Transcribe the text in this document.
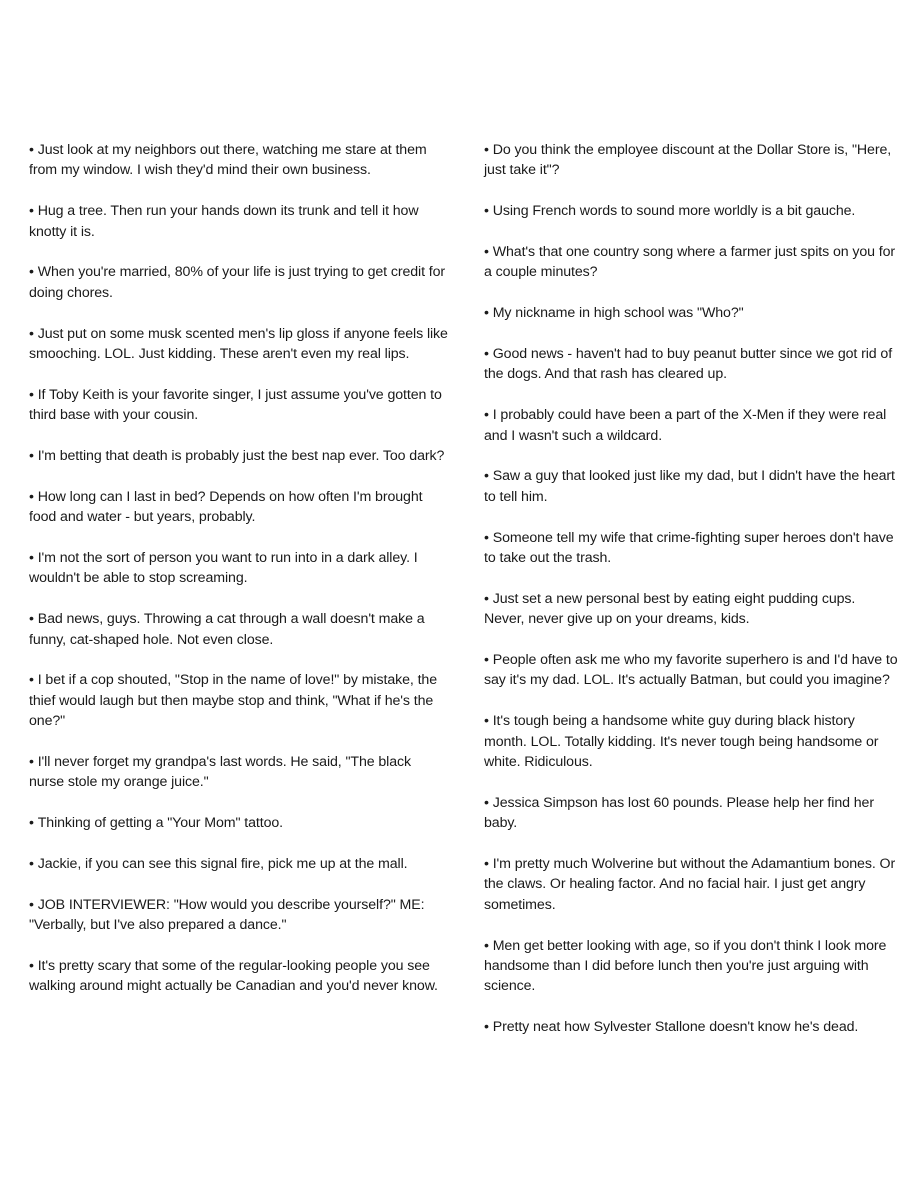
• Just look at my neighbors out there, watching me stare at them from my window. I wish they'd mind their own business.
• Hug a tree. Then run your hands down its trunk and tell it how knotty it is.
• When you're married, 80% of your life is just trying to get credit for doing chores.
• Just put on some musk scented men's lip gloss if anyone feels like smooching. LOL. Just kidding. These aren't even my real lips.
• If Toby Keith is your favorite singer, I just assume you've gotten to third base with your cousin.
• I'm betting that death is probably just the best nap ever. Too dark?
• How long can I last in bed? Depends on how often I'm brought food and water - but years, probably.
• I'm not the sort of person you want to run into in a dark alley. I wouldn't be able to stop screaming.
• Bad news, guys. Throwing a cat through a wall doesn't make a funny, cat-shaped hole. Not even close.
• I bet if a cop shouted, "Stop in the name of love!" by mistake, the thief would laugh but then maybe stop and think, "What if he's the one?"
• I'll never forget my grandpa's last words. He said, "The black nurse stole my orange juice."
• Thinking of getting a "Your Mom" tattoo.
• Jackie, if you can see this signal fire, pick me up at the mall.
• JOB INTERVIEWER: "How would you describe yourself?" ME: "Verbally, but I've also prepared a dance."
• It's pretty scary that some of the regular-looking people you see walking around might actually be Canadian and you'd never know.
• Do you think the employee discount at the Dollar Store is, "Here, just take it"?
• Using French words to sound more worldly is a bit gauche.
• What's that one country song where a farmer just spits on you for a couple minutes?
• My nickname in high school was "Who?"
• Good news - haven't had to buy peanut butter since we got rid of the dogs. And that rash has cleared up.
• I probably could have been a part of the X-Men if they were real and I wasn't such a wildcard.
• Saw a guy that looked just like my dad, but I didn't have the heart to tell him.
• Someone tell my wife that crime-fighting super heroes don't have to take out the trash.
• Just set a new personal best by eating eight pudding cups. Never, never give up on your dreams, kids.
• People often ask me who my favorite superhero is and I'd have to say it's my dad. LOL. It's actually Batman, but could you imagine?
• It's tough being a handsome white guy during black history month. LOL. Totally kidding. It's never tough being handsome or white. Ridiculous.
• Jessica Simpson has lost 60 pounds. Please help her find her baby.
• I'm pretty much Wolverine but without the Adamantium bones. Or the claws. Or healing factor. And no facial hair. I just get angry sometimes.
• Men get better looking with age, so if you don't think I look more handsome than I did before lunch then you're just arguing with science.
• Pretty neat how Sylvester Stallone doesn't know he's dead.
